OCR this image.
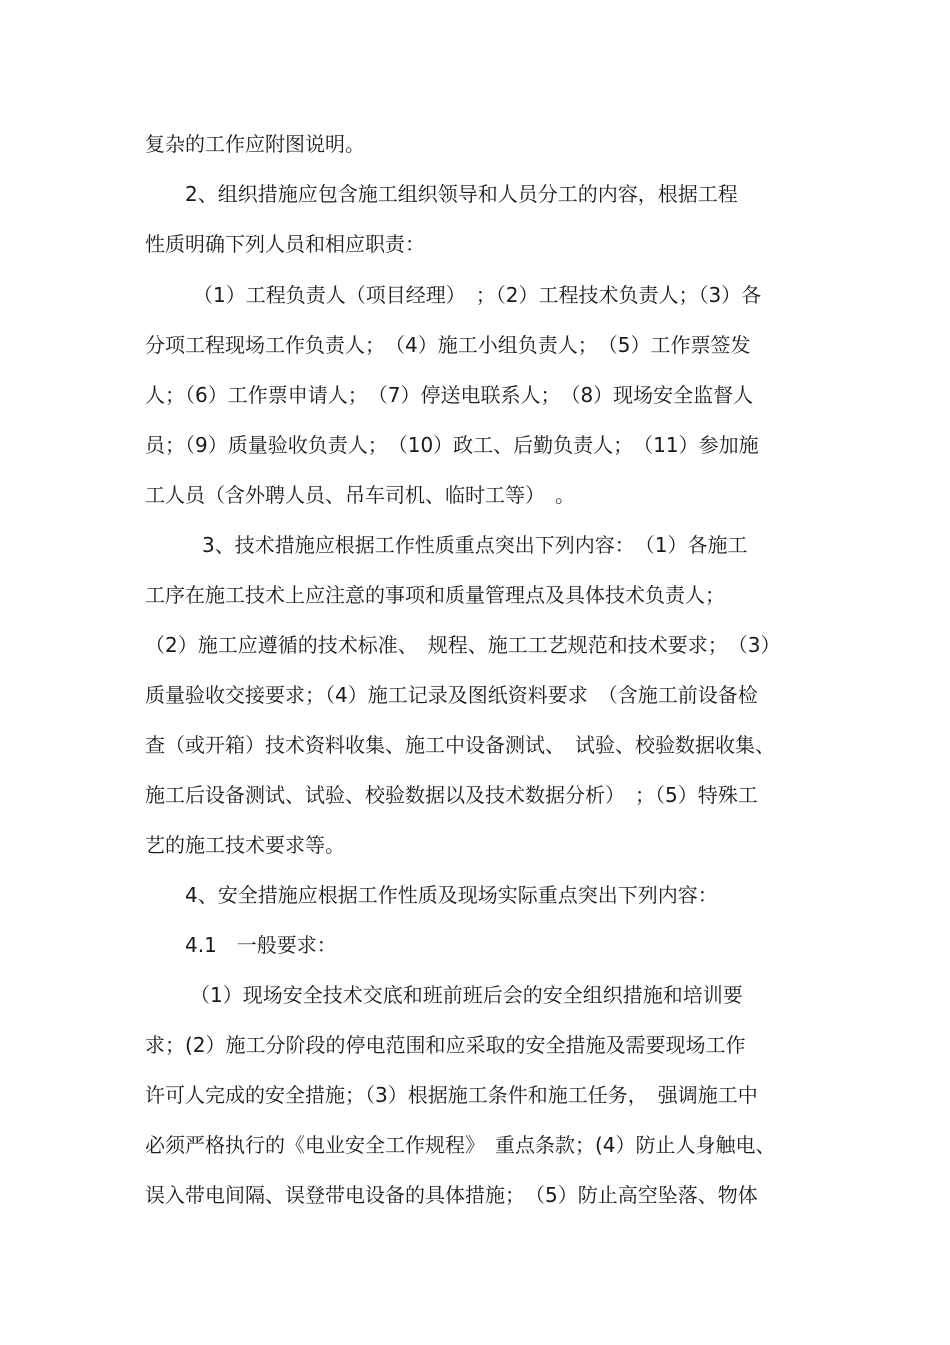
复杂的工作应附图说明。
2、组织措施应包含施工组织领导和人员分工的内容，根据工程
性质明确下列人员和相应职责：
（1）工程负责人（项目经理）　；（2）工程技术负责人；（3）各
分项工程现场工作负责人；　（4）施工小组负责人；　（5）工作票签发
人；（6）工作票申请人；　（7）停送电联系人；　（8）现场安全监督人
员；（9）质量验收负责人；　（10）政工、后勤负责人；　（11）参加施
工人员（含外聘人员、吊车司机、临时工等）　。
3、技术措施应根据工作性质重点突出下列内容：　（1）各施工
工序在施工技术上应注意的事项和质量管理点及具体技术负责人；
（2）施工应遵循的技术标准、　规程、施工工艺规范和技术要求；　（3）
质量验收交接要求；（4）施工记录及图纸资料要求　（含施工前设备检
查（或开箱）技术资料收集、施工中设备测试、　试验、校验数据收集、
施工后设备测试、试验、校验数据以及技术数据分析）　；（5）特殊工
艺的施工技术要求等。
4、安全措施应根据工作性质及现场实际重点突出下列内容：
4.1　一般要求：
（1）现场安全技术交底和班前班后会的安全组织措施和培训要
求；(2）施工分阶段的停电范围和应采取的安全措施及需要现场工作
许可人完成的安全措施；（3）根据施工条件和施工任务，　强调施工中
必须严格执行的《电业安全工作规程》　重点条款；(4）防止人身触电、
误入带电间隔、误登带电设备的具体措施；　（5）防止高空坠落、物体
